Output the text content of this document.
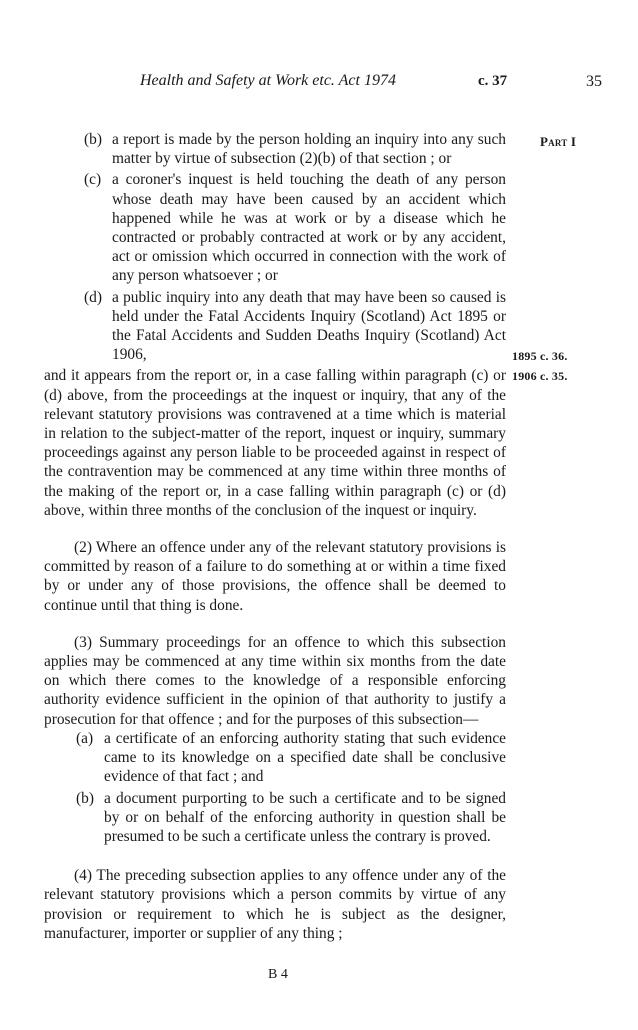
Health and Safety at Work etc. Act 1974	c. 37	35
Part I
1895 c. 36.
1906 c. 35.
(b) a report is made by the person holding an inquiry into any such matter by virtue of subsection (2)(b) of that section ; or
(c) a coroner's inquest is held touching the death of any person whose death may have been caused by an accident which happened while he was at work or by a disease which he contracted or probably contracted at work or by any accident, act or omission which occurred in connection with the work of any person whatsoever ; or
(d) a public inquiry into any death that may have been so caused is held under the Fatal Accidents Inquiry (Scotland) Act 1895 or the Fatal Accidents and Sudden Deaths Inquiry (Scotland) Act 1906,

and it appears from the report or, in a case falling within paragraph (c) or (d) above, from the proceedings at the inquest or inquiry, that any of the relevant statutory provisions was contravened at a time which is material in relation to the subject-matter of the report, inquest or inquiry, summary proceedings against any person liable to be proceeded against in respect of the contravention may be commenced at any time within three months of the making of the report or, in a case falling within paragraph (c) or (d) above, within three months of the conclusion of the inquest or inquiry.

(2) Where an offence under any of the relevant statutory provisions is committed by reason of a failure to do something at or within a time fixed by or under any of those provisions, the offence shall be deemed to continue until that thing is done.

(3) Summary proceedings for an offence to which this subsection applies may be commenced at any time within six months from the date on which there comes to the knowledge of a responsible enforcing authority evidence sufficient in the opinion of that authority to justify a prosecution for that offence ; and for the purposes of this subsection—

(a) a certificate of an enforcing authority stating that such evidence came to its knowledge on a specified date shall be conclusive evidence of that fact ; and
(b) a document purporting to be such a certificate and to be signed by or on behalf of the enforcing authority in question shall be presumed to be such a certificate unless the contrary is proved.

(4) The preceding subsection applies to any offence under any of the relevant statutory provisions which a person commits by virtue of any provision or requirement to which he is subject as the designer, manufacturer, importer or supplier of any thing ;

B 4
